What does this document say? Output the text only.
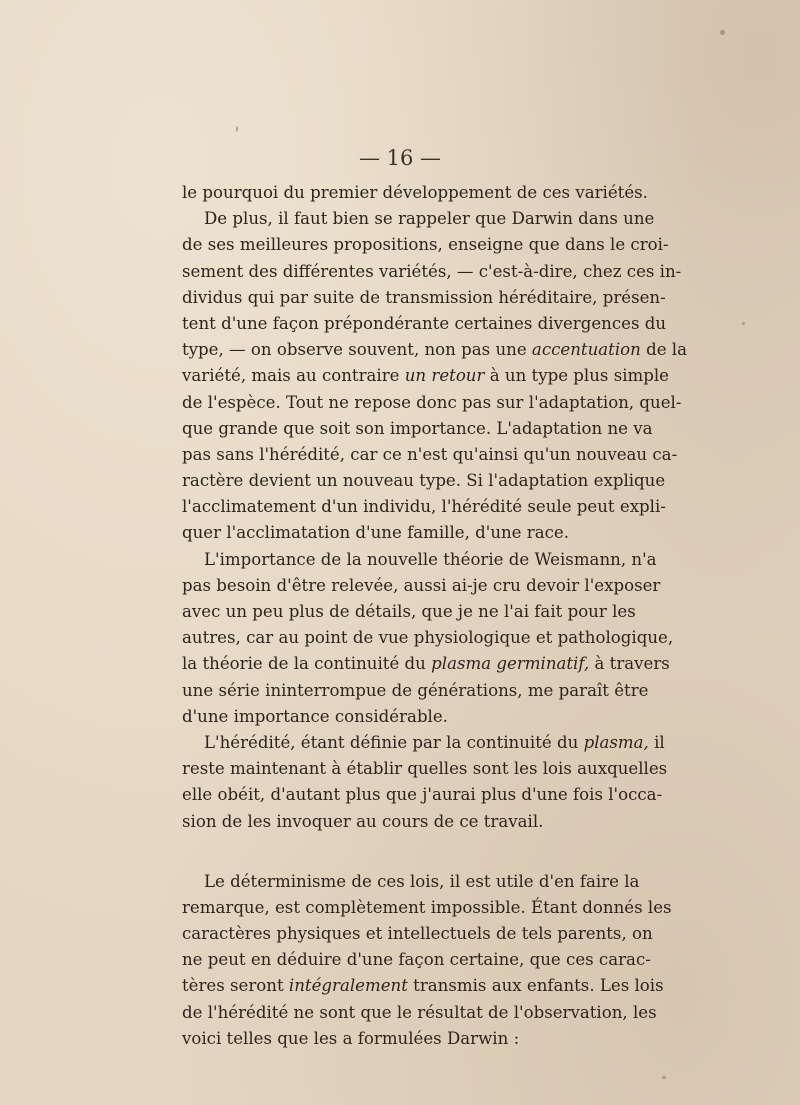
— 16 —
le pourquoi du premier développement de ces variétés.
De plus, il faut bien se rappeler que Darwin dans une
de ses meilleures propositions, enseigne que dans le croi-
sement des différentes variétés, — c'est-à-dire, chez ces in-
dividus qui par suite de transmission héréditaire, présen-
tent d'une façon prépondérante certaines divergences du
type, — on observe souvent, non pas une accentuation de la
variété, mais au contraire un retour à un type plus simple
de l'espèce. Tout ne repose donc pas sur l'adaptation, quel-
que grande que soit son importance. L'adaptation ne va
pas sans l'hérédité, car ce n'est qu'ainsi qu'un nouveau ca-
ractère devient un nouveau type. Si l'adaptation explique
l'acclimatement d'un individu, l'hérédité seule peut expli-
quer l'acclimatation d'une famille, d'une race.
L'importance de la nouvelle théorie de Weismann, n'a
pas besoin d'être relevée, aussi ai-je cru devoir l'exposer
avec un peu plus de détails, que je ne l'ai fait pour les
autres, car au point de vue physiologique et pathologique,
la théorie de la continuité du plasma germinatif, à travers
une série ininterrompue de générations, me paraît être
d'une importance considérable.
L'hérédité, étant définie par la continuité du plasma, il
reste maintenant à établir quelles sont les lois auxquelles
elle obéit, d'autant plus que j'aurai plus d'une fois l'occa-
sion de les invoquer au cours de ce travail.
Le déterminisme de ces lois, il est utile d'en faire la
remarque, est complètement impossible. Étant donnés les
caractères physiques et intellectuels de tels parents, on
ne peut en déduire d'une façon certaine, que ces carac-
tères seront intégralement transmis aux enfants. Les lois
de l'hérédité ne sont que le résultat de l'observation, les
voici telles que les a formulées Darwin :
